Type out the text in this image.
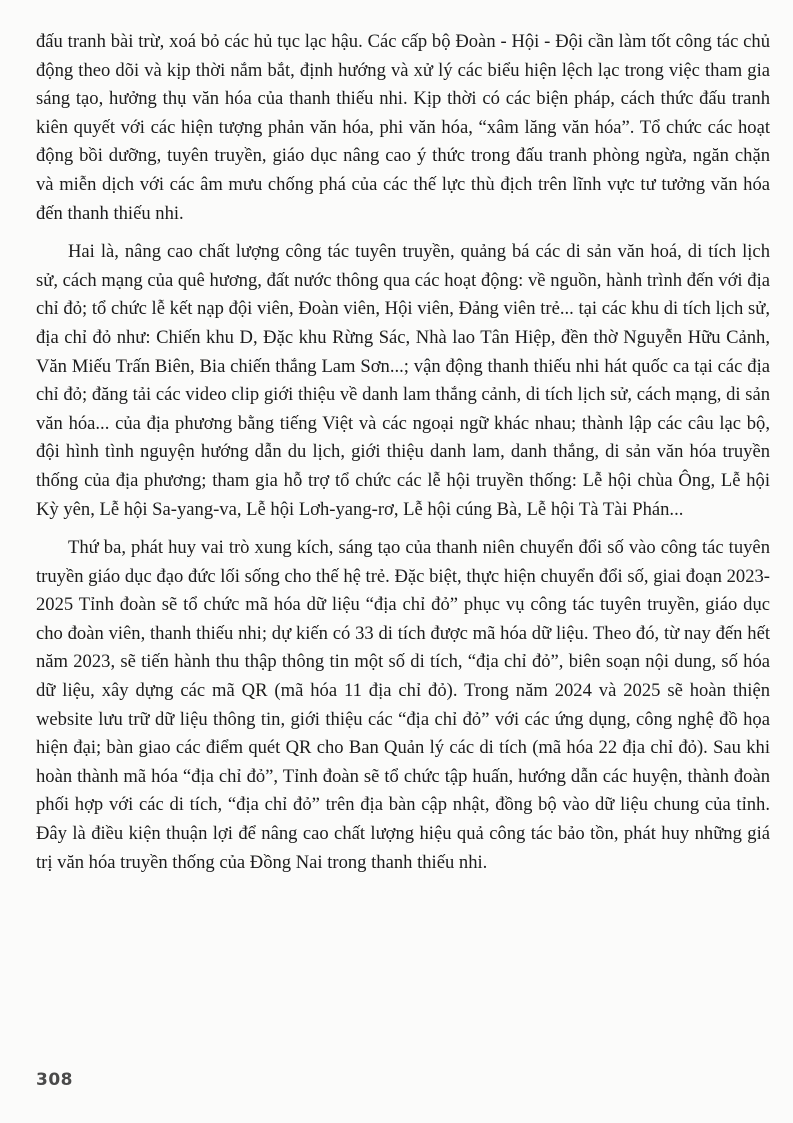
đấu tranh bài trừ, xoá bỏ các hủ tục lạc hậu. Các cấp bộ Đoàn - Hội - Đội cần làm tốt công tác chủ động theo dõi và kịp thời nắm bắt, định hướng và xử lý các biểu hiện lệch lạc trong việc tham gia sáng tạo, hưởng thụ văn hóa của thanh thiếu nhi. Kịp thời có các biện pháp, cách thức đấu tranh kiên quyết với các hiện tượng phản văn hóa, phi văn hóa, “xâm lăng văn hóa”. Tổ chức các hoạt động bồi dưỡng, tuyên truyền, giáo dục nâng cao ý thức trong đấu tranh phòng ngừa, ngăn chặn và miễn dịch với các âm mưu chống phá của các thế lực thù địch trên lĩnh vực tư tưởng văn hóa đến thanh thiếu nhi.

Hai là, nâng cao chất lượng công tác tuyên truyền, quảng bá các di sản văn hoá, di tích lịch sử, cách mạng của quê hương, đất nước thông qua các hoạt động: về nguồn, hành trình đến với địa chỉ đỏ; tổ chức lễ kết nạp đội viên, Đoàn viên, Hội viên, Đảng viên trẻ... tại các khu di tích lịch sử, địa chỉ đỏ như: Chiến khu D, Đặc khu Rừng Sác, Nhà lao Tân Hiệp, đền thờ Nguyễn Hữu Cảnh, Văn Miếu Trấn Biên, Bia chiến thắng Lam Sơn...; vận động thanh thiếu nhi hát quốc ca tại các địa chỉ đỏ; đăng tải các video clip giới thiệu về danh lam thắng cảnh, di tích lịch sử, cách mạng, di sản văn hóa... của địa phương bằng tiếng Việt và các ngoại ngữ khác nhau; thành lập các câu lạc bộ, đội hình tình nguyện hướng dẫn du lịch, giới thiệu danh lam, danh thắng, di sản văn hóa truyền thống của địa phương; tham gia hỗ trợ tổ chức các lễ hội truyền thống: Lễ hội chùa Ông, Lễ hội Kỳ yên, Lễ hội Sa-yang-va, Lễ hội Lơh-yang-rơ, Lễ hội cúng Bà, Lễ hội Tà Tài Phán...

Thứ ba, phát huy vai trò xung kích, sáng tạo của thanh niên chuyển đổi số vào công tác tuyên truyền giáo dục đạo đức lối sống cho thế hệ trẻ. Đặc biệt, thực hiện chuyển đổi số, giai đoạn 2023-2025 Tỉnh đoàn sẽ tổ chức mã hóa dữ liệu “địa chỉ đỏ” phục vụ công tác tuyên truyền, giáo dục cho đoàn viên, thanh thiếu nhi; dự kiến có 33 di tích được mã hóa dữ liệu. Theo đó, từ nay đến hết năm 2023, sẽ tiến hành thu thập thông tin một số di tích, “địa chỉ đỏ”, biên soạn nội dung, số hóa dữ liệu, xây dựng các mã QR (mã hóa 11 địa chỉ đỏ). Trong năm 2024 và 2025 sẽ hoàn thiện website lưu trữ dữ liệu thông tin, giới thiệu các “địa chỉ đỏ” với các ứng dụng, công nghệ đồ họa hiện đại; bàn giao các điểm quét QR cho Ban Quản lý các di tích (mã hóa 22 địa chỉ đỏ). Sau khi hoàn thành mã hóa “địa chỉ đỏ”, Tỉnh đoàn sẽ tổ chức tập huấn, hướng dẫn các huyện, thành đoàn phối hợp với các di tích, “địa chỉ đỏ” trên địa bàn cập nhật, đồng bộ vào dữ liệu chung của tỉnh. Đây là điều kiện thuận lợi để nâng cao chất lượng hiệu quả công tác bảo tồn, phát huy những giá trị văn hóa truyền thống của Đồng Nai trong thanh thiếu nhi.

308
